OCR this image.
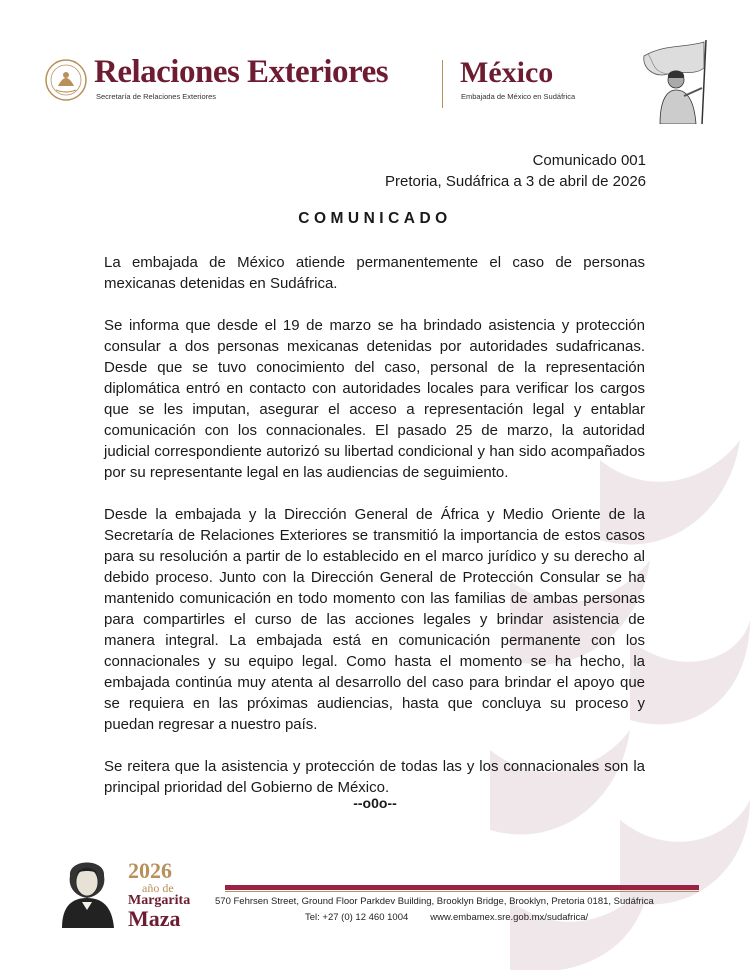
Relaciones Exteriores
Secretaría de Relaciones Exteriores
México
Embajada de México en Sudáfrica
Comunicado 001
Pretoria, Sudáfrica a 3 de abril de 2026
COMUNICADO

La embajada de México atiende permanentemente el caso de personas mexicanas detenidas en Sudáfrica.

Se informa que desde el 19 de marzo se ha brindado asistencia y protección consular a dos personas mexicanas detenidas por autoridades sudafricanas. Desde que se tuvo conocimiento del caso, personal de la representación diplomática entró en contacto con autoridades locales para verificar los cargos que se les imputan, asegurar el acceso a representación legal y entablar comunicación con los connacionales. El pasado 25 de marzo, la autoridad judicial correspondiente autorizó su libertad condicional y han sido acompañados por su representante legal en las audiencias de seguimiento.

Desde la embajada y la Dirección General de África y Medio Oriente de la Secretaría de Relaciones Exteriores se transmitió la importancia de estos casos para su resolución a partir de lo establecido en el marco jurídico y su derecho al debido proceso. Junto con la Dirección General de Protección Consular se ha mantenido comunicación en todo momento con las familias de ambas personas para compartirles el curso de las acciones legales y brindar asistencia de manera integral. La embajada está en comunicación permanente con los connacionales y su equipo legal. Como hasta el momento se ha hecho, la embajada continúa muy atenta al desarrollo del caso para brindar el apoyo que se requiera en las próximas audiencias, hasta que concluya su proceso y puedan regresar a nuestro país.

Se reitera que la asistencia y protección de todas las y los connacionales son la principal prioridad del Gobierno de México.

--o0o--
2026
año de
Margarita
Maza
570 Fehrsen Street, Ground Floor Parkdev Building, Brooklyn Bridge, Brooklyn, Pretoria 0181, Sudáfrica
Tel: +27 (0) 12 460 1004 www.embamex.sre.gob.mx/sudafrica/
